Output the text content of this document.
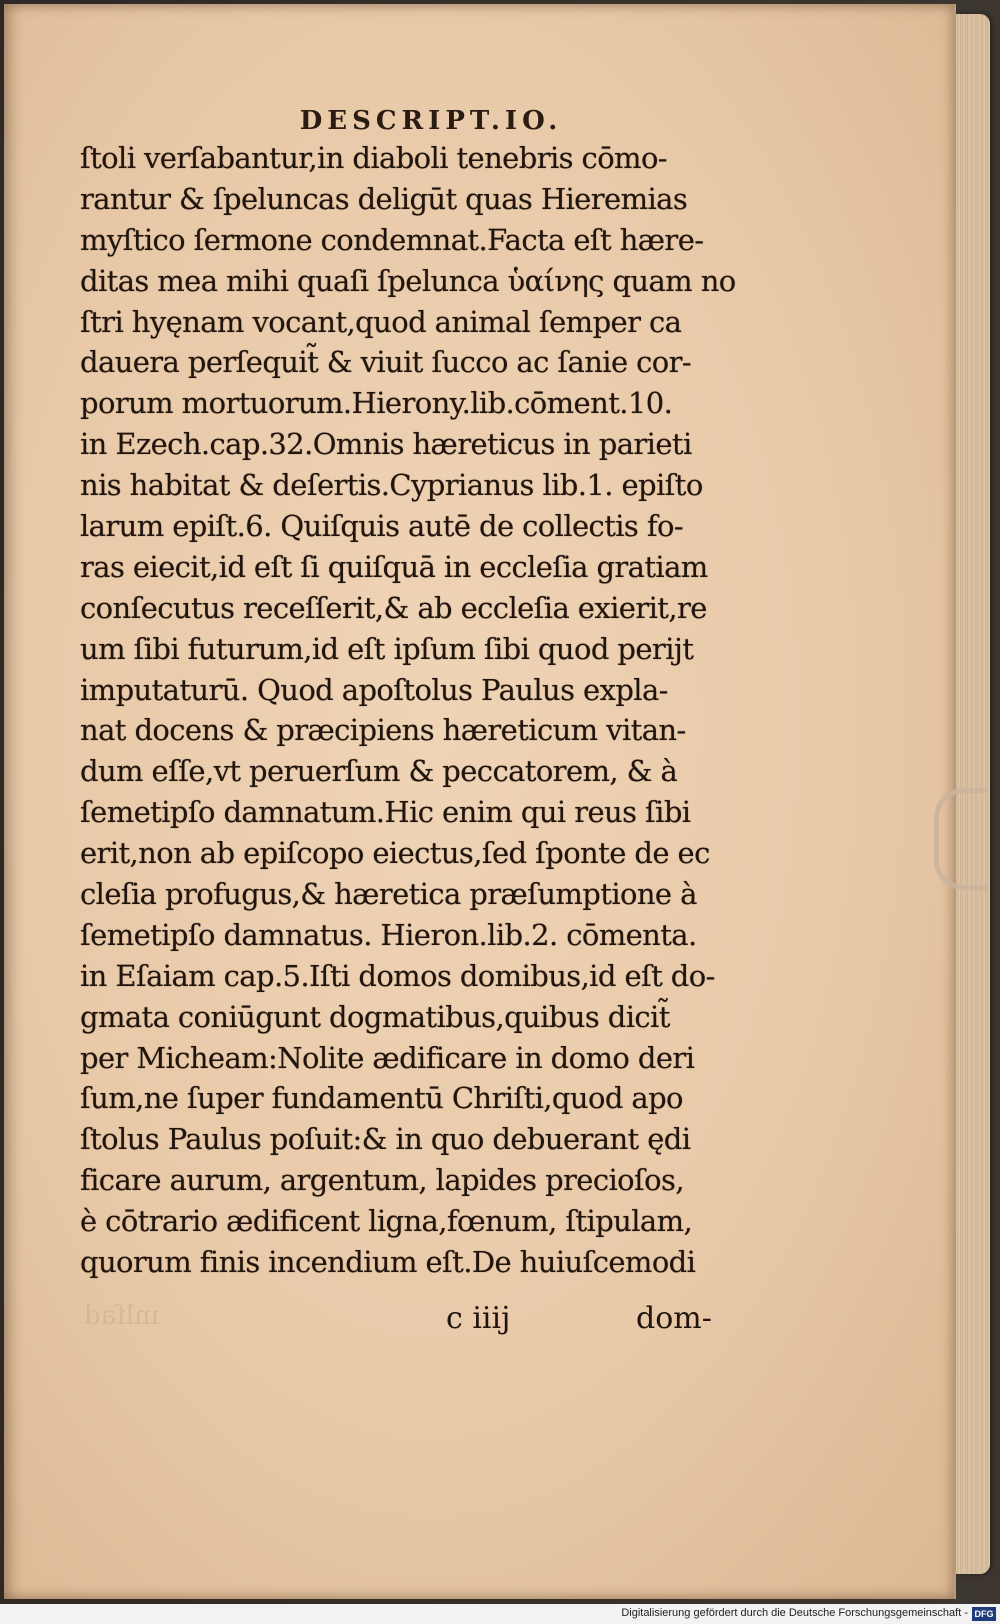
DESCRIPT.IO.
ſtoli verſabantur,in diaboli tenebris cōmo-
rantur & ſpeluncas deligūt quas Hieremias
myſtico ſermone condemnat.Facta eſt hære-
ditas mea mihi quaſi ſpelunca ὑαίνης quam no
ſtri hyęnam vocant,quod animal ſemper ca
dauera perſequit̃ & viuit ſucco ac ſanie cor-
porum mortuorum.Hierony.lib.cōment.10.
in Ezech.cap.32.Omnis hæreticus in parieti
nis habitat & deſertis.Cyprianus lib.1. epiſto
larum epiſt.6. Quiſquis autē de collectis fo-
ras eiecit,id eſt ſi quiſquā in eccleſia gratiam
conſecutus receſſerit,& ab eccleſia exierit,re
um ſibi futurum,id eſt ipſum ſibi quod perijt
imputaturū. Quod apoſtolus Paulus expla-
nat docens & præcipiens hæreticum vitan-
dum eſſe,vt peruerſum & peccatorem, & à
ſemetipſo damnatum.Hic enim qui reus ſibi
erit,non ab epiſcopo eiectus,ſed ſponte de ec
cleſia profugus,& hæretica præſumptione à
ſemetipſo damnatus. Hieron.lib.2. cōmenta.
in Eſaiam cap.5.Iſti domos domibus,id eſt do-
gmata coniūgunt dogmatibus,quibus dicit̃
per Micheam:Nolite ædificare in domo deri
ſum,ne ſuper fundamentū Chriſti,quod apo
ſtolus Paulus poſuit:& in quo debuerant ędi
ficare aurum, argentum, lapides precioſos,
è cōtrario ædificent ligna,fœnum, ſtipulam,
quorum finis incendium eſt.De huiuſcemodi
ınlſad	c iiij	dom-
Digitalisierung gefördert durch die Deutsche Forschungsgemeinschaft - DFG
